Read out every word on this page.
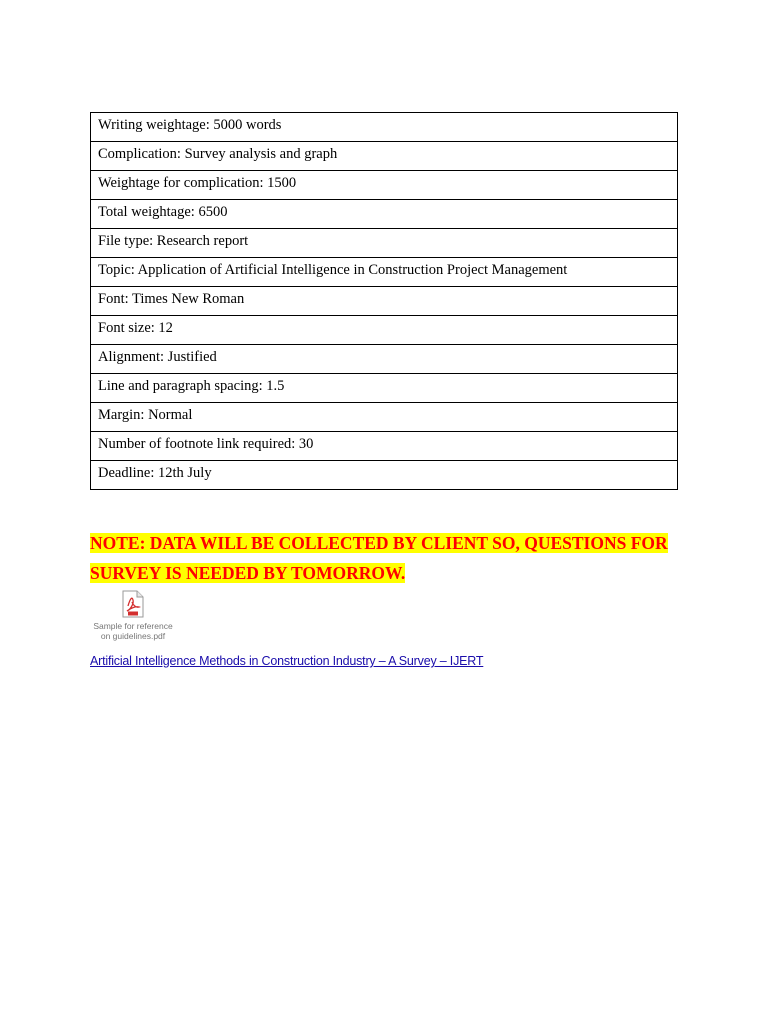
Writing weightage: 5000 words
Complication: Survey analysis and graph
Weightage for complication: 1500
Total weightage: 6500
File type: Research report
Topic: Application of Artificial Intelligence in Construction Project Management
Font: Times New Roman
Font size: 12
Alignment: Justified
Line and paragraph spacing: 1.5
Margin: Normal
Number of footnote link required: 30
Deadline: 12th July
NOTE: DATA WILL BE COLLECTED BY CLIENT SO, QUESTIONS FOR
SURVEY IS NEEDED BY TOMORROW.
Sample for reference
on guidelines.pdf
Artificial Intelligence Methods in Construction Industry – A Survey – IJERT
